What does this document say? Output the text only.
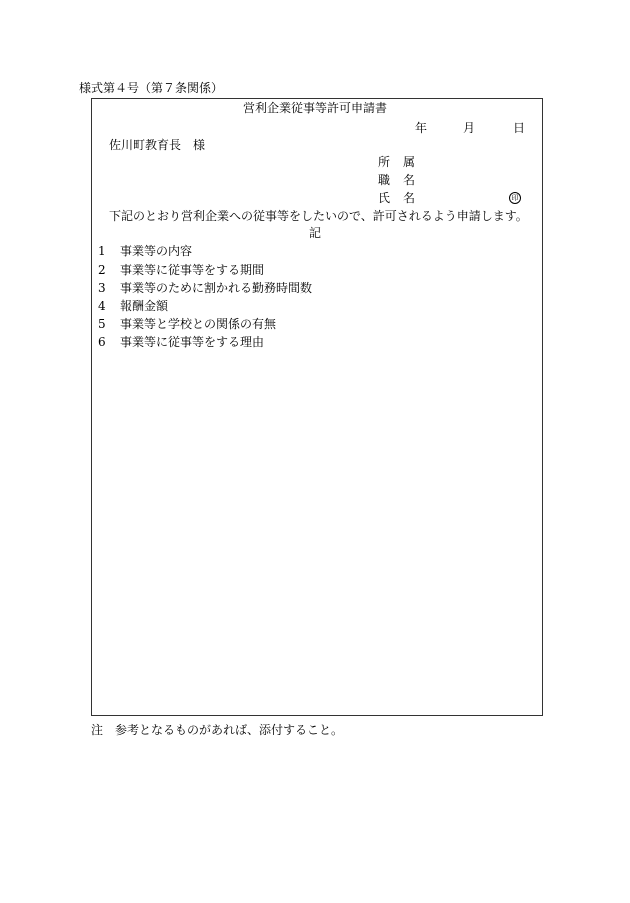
様式第４号（第７条関係）
営利企業従事等許可申請書
年	月	日
佐川町教育長　様
所属
職名
氏名	印
下記のとおり営利企業への従事等をしたいので、許可されるよう申請します。
記
1 事業等の内容
2 事業等に従事等をする期間
3 事業等のために割かれる勤務時間数
4 報酬金額
5 事業等と学校との関係の有無
6 事業等に従事等をする理由
注　参考となるものがあれば、添付すること。
